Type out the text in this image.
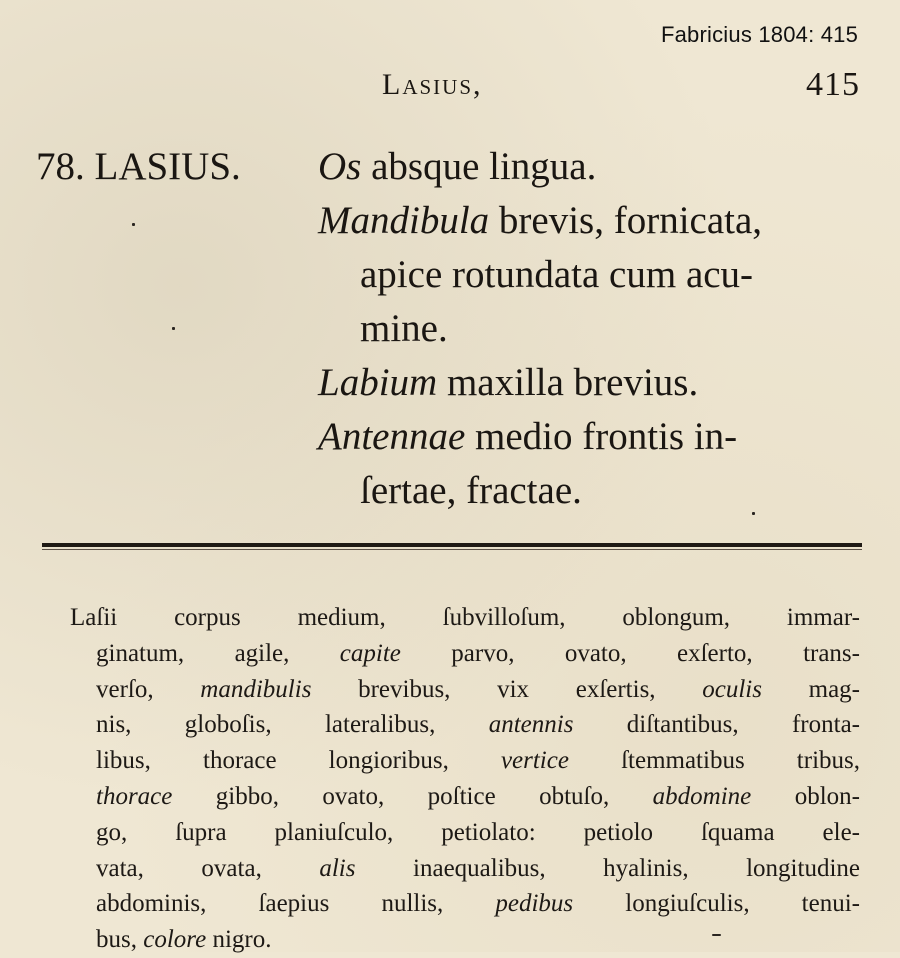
Fabricius 1804: 415
Lasius,	415
78. LASIUS. Os absque lingua.

Mandibula brevis, fornicata,
apice rotundata cum acu-
mine.

Labium maxilla brevius.

Antennae medio frontis in-
ſertae, fractae.

Laſii corpus medium, ſubvilloſum, oblongum, immar-
ginatum, agile, capite parvo, ovato, exſerto, trans-
verſo, mandibulis brevibus, vix exſertis, oculis mag-
nis, globoſis, lateralibus, antennis diſtantibus, fronta-
libus, thorace longioribus, vertice ſtemmatibus tribus,
thorace gibbo, ovato, poſtice obtuſo, abdomine oblon-
go, ſupra planiuſculo, petiolato: petiolo ſquama ele-
vata, ovata, alis inaequalibus, hyalinis, longitudine
abdominis, ſaepius nullis, pedibus longiuſculis, tenui-
bus, colore nigro.
